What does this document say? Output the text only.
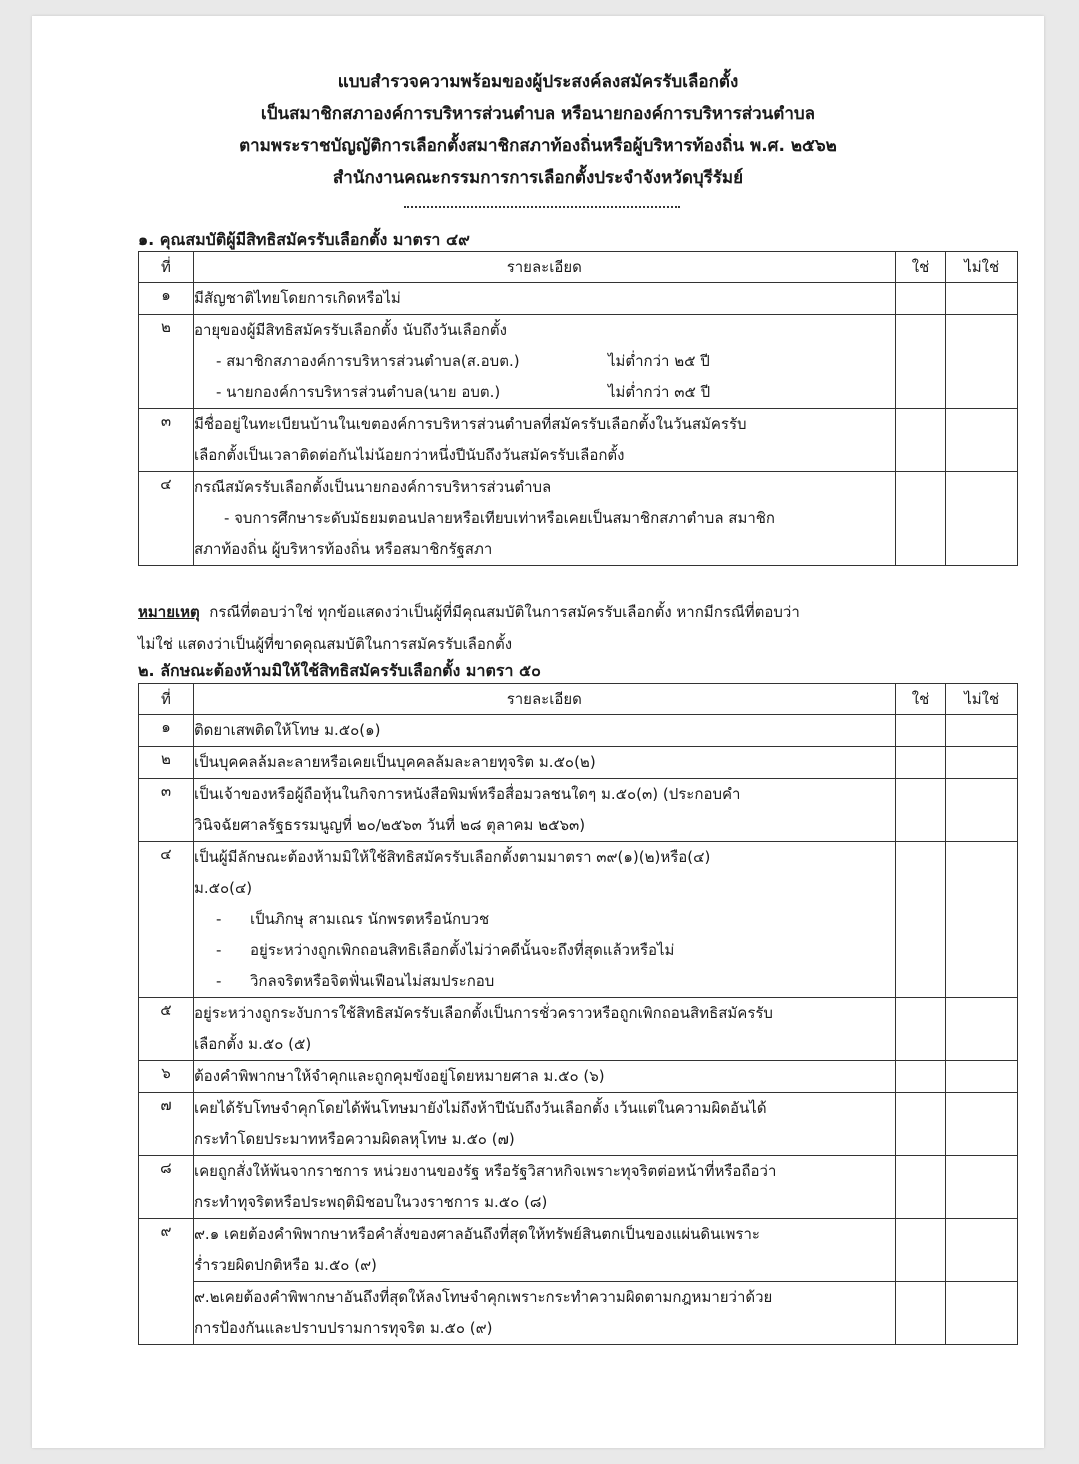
แบบสำรวจความพร้อมของผู้ประสงค์ลงสมัครรับเลือกตั้ง
เป็นสมาชิกสภาองค์การบริหารส่วนตำบล หรือนายกองค์การบริหารส่วนตำบล
ตามพระราชบัญญัติการเลือกตั้งสมาชิกสภาท้องถิ่นหรือผู้บริหารท้องถิ่น พ.ศ. ๒๕๖๒
สำนักงานคณะกรรมการการเลือกตั้งประจำจังหวัดบุรีรัมย์
๑. คุณสมบัติผู้มีสิทธิสมัครรับเลือกตั้ง มาตรา ๔๙
ที่	รายละเอียด	ใช่	ไม่ใช่
๑	มีสัญชาติไทยโดยการเกิดหรือไม่		

๒	อายุของผู้มีสิทธิสมัครรับเลือกตั้ง นับถึงวันเลือกตั้ง
- สมาชิกสภาองค์การบริหารส่วนตำบล(ส.อบต.) ไม่ต่ำกว่า ๒๕ ปี
- นายกองค์การบริหารส่วนตำบล(นาย อบต.) ไม่ต่ำกว่า ๓๕ ปี		

๓	มีชื่ออยู่ในทะเบียนบ้านในเขตองค์การบริหารส่วนตำบลที่สมัครรับเลือกตั้งในวันสมัครรับ
เลือกตั้งเป็นเวลาติดต่อกันไม่น้อยกว่าหนึ่งปีนับถึงวันสมัครรับเลือกตั้ง		

๔	กรณีสมัครรับเลือกตั้งเป็นนายกองค์การบริหารส่วนตำบล
- จบการศึกษาระดับมัธยมตอนปลายหรือเทียบเท่าหรือเคยเป็นสมาชิกสภาตำบล สมาชิก
สภาท้องถิ่น ผู้บริหารท้องถิ่น หรือสมาชิกรัฐสภา		

หมายเหตุ กรณีที่ตอบว่าใช่ ทุกข้อแสดงว่าเป็นผู้ที่มีคุณสมบัติในการสมัครรับเลือกตั้ง หากมีกรณีที่ตอบว่า
ไม่ใช่ แสดงว่าเป็นผู้ที่ขาดคุณสมบัติในการสมัครรับเลือกตั้ง
๒. ลักษณะต้องห้ามมิให้ใช้สิทธิสมัครรับเลือกตั้ง มาตรา ๕๐
ที่	รายละเอียด	ใช่	ไม่ใช่
๑	ติดยาเสพติดให้โทษ ม.๕๐(๑)		

๒	เป็นบุคคลล้มละลายหรือเคยเป็นบุคคลล้มละลายทุจริต ม.๕๐(๒)		

๓	เป็นเจ้าของหรือผู้ถือหุ้นในกิจการหนังสือพิมพ์หรือสื่อมวลชนใดๆ ม.๕๐(๓) (ประกอบคำ
วินิจฉัยศาลรัฐธรรมนูญที่ ๒๐/๒๕๖๓ วันที่ ๒๘ ตุลาคม ๒๕๖๓)		

๔	เป็นผู้มีลักษณะต้องห้ามมิให้ใช้สิทธิสมัครรับเลือกตั้งตามมาตรา ๓๙(๑)(๒)หรือ(๔)
ม.๕๐(๔)
- เป็นภิกษุ สามเณร นักพรตหรือนักบวช
- อยู่ระหว่างถูกเพิกถอนสิทธิเลือกตั้งไม่ว่าคดีนั้นจะถึงที่สุดแล้วหรือไม่
- วิกลจริตหรือจิตฟั่นเฟือนไม่สมประกอบ		

๕	อยู่ระหว่างถูกระงับการใช้สิทธิสมัครรับเลือกตั้งเป็นการชั่วคราวหรือถูกเพิกถอนสิทธิสมัครรับ
เลือกตั้ง ม.๕๐ (๕)		

๖	ต้องคำพิพากษาให้จำคุกและถูกคุมขังอยู่โดยหมายศาล ม.๕๐ (๖)		

๗	เคยได้รับโทษจำคุกโดยได้พ้นโทษมายังไม่ถึงห้าปีนับถึงวันเลือกตั้ง เว้นแต่ในความผิดอันได้
กระทำโดยประมาทหรือความผิดลหุโทษ ม.๕๐ (๗)		

๘	เคยถูกสั่งให้พ้นจากราชการ หน่วยงานของรัฐ หรือรัฐวิสาหกิจเพราะทุจริตต่อหน้าที่หรือถือว่า
กระทำทุจริตหรือประพฤติมิชอบในวงราชการ ม.๕๐ (๘)		

๙	๙.๑ เคยต้องคำพิพากษาหรือคำสั่งของศาลอันถึงที่สุดให้ทรัพย์สินตกเป็นของแผ่นดินเพราะ
ร่ำรวยผิดปกติหรือ ม.๕๐ (๙)		

	๙.๒เคยต้องคำพิพากษาอันถึงที่สุดให้ลงโทษจำคุกเพราะกระทำความผิดตามกฎหมายว่าด้วย
การป้องกันและปราบปรามการทุจริต ม.๕๐ (๙)		
